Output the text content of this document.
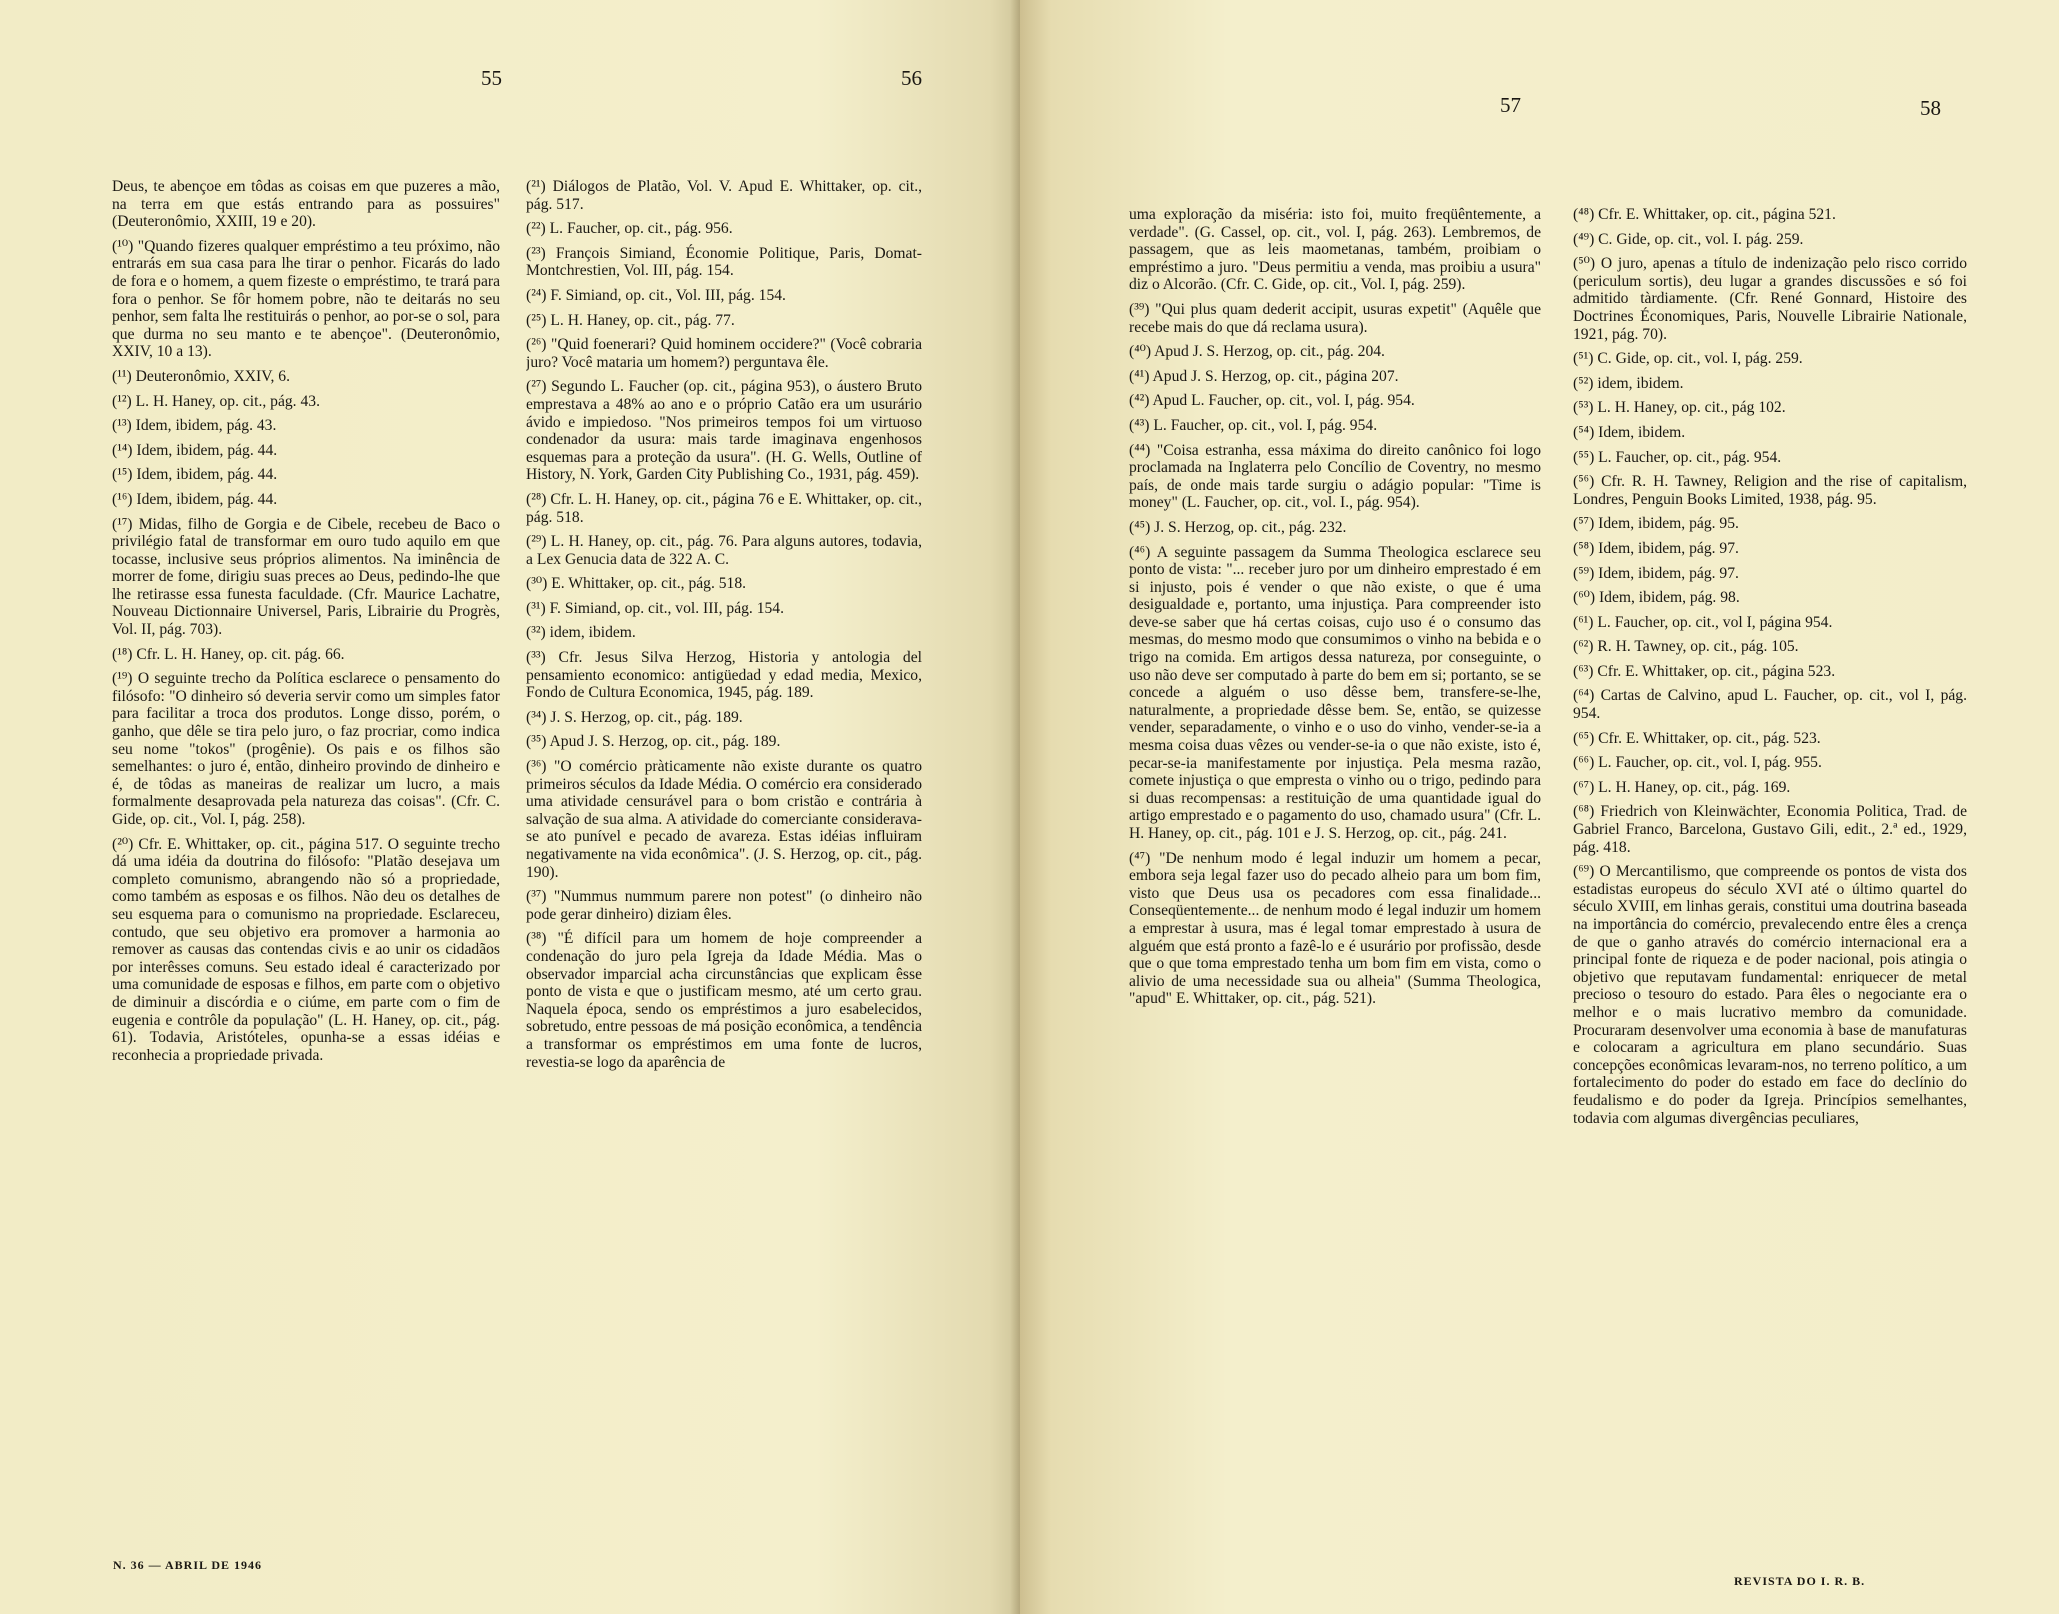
55	56

Deus, te abençoe em tôdas as coisas em que puzeres a mão, na terra em que estás entrando para as possuires" (Deuteronômio, XXIII, 19 e 20).

(¹⁰) "Quando fizeres qualquer empréstimo a teu próximo, não entrarás em sua casa para lhe tirar o penhor. Ficarás do lado de fora e o homem, a quem fizeste o empréstimo, te trará para fora o penhor. Se fôr homem pobre, não te deitarás no seu penhor, sem falta lhe restituirás o penhor, ao por-se o sol, para que durma no seu manto e te abençoe". (Deuteronômio, XXIV, 10 a 13).

(¹¹) Deuteronômio, XXIV, 6.

(¹²) L. H. Haney, op. cit., pág. 43.

(¹³) Idem, ibidem, pág. 43.

(¹⁴) Idem, ibidem, pág. 44.

(¹⁵) Idem, ibidem, pág. 44.

(¹⁶) Idem, ibidem, pág. 44.

(¹⁷) Midas, filho de Gorgia e de Cibele, recebeu de Baco o privilégio fatal de transformar em ouro tudo aquilo em que tocasse, inclusive seus próprios alimentos. Na iminência de morrer de fome, dirigiu suas preces ao Deus, pedindo-lhe que lhe retirasse essa funesta faculdade. (Cfr. Maurice Lachatre, Nouveau Dictionnaire Universel, Paris, Librairie du Progrès, Vol. II, pág. 703).

(¹⁸) Cfr. L. H. Haney, op. cit. pág. 66.

(¹⁹) O seguinte trecho da Política esclarece o pensamento do filósofo: "O dinheiro só deveria servir como um simples fator para facilitar a troca dos produtos. Longe disso, porém, o ganho, que dêle se tira pelo juro, o faz procriar, como indica seu nome "tokos" (progênie). Os pais e os filhos são semelhantes: o juro é, então, dinheiro provindo de dinheiro e é, de tôdas as maneiras de realizar um lucro, a mais formalmente desaprovada pela natureza das coisas". (Cfr. C. Gide, op. cit., Vol. I, pág. 258).

(²⁰) Cfr. E. Whittaker, op. cit., página 517. O seguinte trecho dá uma idéia da doutrina do filósofo: "Platão desejava um completo comunismo, abrangendo não só a propriedade, como também as esposas e os filhos. Não deu os detalhes de seu esquema para o comunismo na propriedade. Esclareceu, contudo, que seu objetivo era promover a harmonia ao remover as causas das contendas civis e ao unir os cidadãos por interêsses comuns. Seu estado ideal é caracterizado por uma comunidade de esposas e filhos, em parte com o objetivo de diminuir a discórdia e o ciúme, em parte com o fim de eugenia e contrôle da população" (L. H. Haney, op. cit., pág. 61). Todavia, Aristóteles, opunha-se a essas idéias e reconhecia a propriedade privada.

(²¹) Diálogos de Platão, Vol. V. Apud E. Whittaker, op. cit., pág. 517.

(²²) L. Faucher, op. cit., pág. 956.

(²³) François Simiand, Économie Politique, Paris, Domat-Montchrestien, Vol. III, pág. 154.

(²⁴) F. Simiand, op. cit., Vol. III, pág. 154.

(²⁵) L. H. Haney, op. cit., pág. 77.

(²⁶) "Quid foenerari? Quid hominem occidere?" (Você cobraria juro? Você mataria um homem?) perguntava êle.

(²⁷) Segundo L. Faucher (op. cit., página 953), o áustero Bruto emprestava a 48% ao ano e o próprio Catão era um usurário ávido e impiedoso. "Nos primeiros tempos foi um virtuoso condenador da usura: mais tarde imaginava engenhosos esquemas para a proteção da usura". (H. G. Wells, Outline of History, N. York, Garden City Publishing Co., 1931, pág. 459).

(²⁸) Cfr. L. H. Haney, op. cit., página 76 e E. Whittaker, op. cit., pág. 518.

(²⁹) L. H. Haney, op. cit., pág. 76. Para alguns autores, todavia, a Lex Genucia data de 322 A. C.

(³⁰) E. Whittaker, op. cit., pág. 518.

(³¹) F. Simiand, op. cit., vol. III, pág. 154.

(³²) idem, ibidem.

(³³) Cfr. Jesus Silva Herzog, Historia y antologia del pensamiento economico: antigüedad y edad media, Mexico, Fondo de Cultura Economica, 1945, pág. 189.

(³⁴) J. S. Herzog, op. cit., pág. 189.

(³⁵) Apud J. S. Herzog, op. cit., pág. 189.

(³⁶) "O comércio pràticamente não existe durante os quatro primeiros séculos da Idade Média. O comércio era considerado uma atividade censurável para o bom cristão e contrária à salvação de sua alma. A atividade do comerciante considerava-se ato punível e pecado de avareza. Estas idéias influiram negativamente na vida econômica". (J. S. Herzog, op. cit., pág. 190).

(³⁷) "Nummus nummum parere non potest" (o dinheiro não pode gerar dinheiro) diziam êles.

(³⁸) "É difícil para um homem de hoje compreender a condenação do juro pela Igreja da Idade Média. Mas o observador imparcial acha circunstâncias que explicam êsse ponto de vista e que o justificam mesmo, até um certo grau. Naquela época, sendo os empréstimos a juro esabelecidos, sobretudo, entre pessoas de má posição econômica, a tendência a transformar os empréstimos em uma fonte de lucros, revestia-se logo da aparência de

N. 36 — ABRIL DE 1946
57	58

uma exploração da miséria: isto foi, muito freqüêntemente, a verdade". (G. Cassel, op. cit., vol. I, pág. 263). Lembremos, de passagem, que as leis maometanas, também, proibiam o empréstimo a juro. "Deus permitiu a venda, mas proibiu a usura" diz o Alcorão. (Cfr. C. Gide, op. cit., Vol. I, pág. 259).

(³⁹) "Qui plus quam dederit accipit, usuras expetit" (Aquêle que recebe mais do que dá reclama usura).

(⁴⁰) Apud J. S. Herzog, op. cit., pág. 204.

(⁴¹) Apud J. S. Herzog, op. cit., página 207.

(⁴²) Apud L. Faucher, op. cit., vol. I, pág. 954.

(⁴³) L. Faucher, op. cit., vol. I, pág. 954.

(⁴⁴) "Coisa estranha, essa máxima do direito canônico foi logo proclamada na Inglaterra pelo Concílio de Coventry, no mesmo país, de onde mais tarde surgiu o adágio popular: "Time is money" (L. Faucher, op. cit., vol. I., pág. 954).

(⁴⁵) J. S. Herzog, op. cit., pág. 232.

(⁴⁶) A seguinte passagem da Summa Theologica esclarece seu ponto de vista: "... receber juro por um dinheiro emprestado é em si injusto, pois é vender o que não existe, o que é uma desigualdade e, portanto, uma injustiça. Para compreender isto deve-se saber que há certas coisas, cujo uso é o consumo das mesmas, do mesmo modo que consumimos o vinho na bebida e o trigo na comida. Em artigos dessa natureza, por conseguinte, o uso não deve ser computado à parte do bem em si; portanto, se se concede a alguém o uso dêsse bem, transfere-se-lhe, naturalmente, a propriedade dêsse bem. Se, então, se quizesse vender, separadamente, o vinho e o uso do vinho, vender-se-ia a mesma coisa duas vêzes ou vender-se-ia o que não existe, isto é, pecar-se-ia manifestamente por injustiça. Pela mesma razão, comete injustiça o que empresta o vinho ou o trigo, pedindo para si duas recompensas: a restituição de uma quantidade igual do artigo emprestado e o pagamento do uso, chamado usura" (Cfr. L. H. Haney, op. cit., pág. 101 e J. S. Herzog, op. cit., pág. 241.

(⁴⁷) "De nenhum modo é legal induzir um homem a pecar, embora seja legal fazer uso do pecado alheio para um bom fim, visto que Deus usa os pecadores com essa finalidade... Conseqüentemente... de nenhum modo é legal induzir um homem a emprestar à usura, mas é legal tomar emprestado à usura de alguém que está pronto a fazê-lo e é usurário por profissão, desde que o que toma emprestado tenha um bom fim em vista, como o alivio de uma necessidade sua ou alheia" (Summa Theologica, "apud" E. Whittaker, op. cit., pág. 521).

(⁴⁸) Cfr. E. Whittaker, op. cit., página 521.

(⁴⁹) C. Gide, op. cit., vol. I. pág. 259.

(⁵⁰) O juro, apenas a título de indenização pelo risco corrido (periculum sortis), deu lugar a grandes discussões e só foi admitido tàrdiamente. (Cfr. René Gonnard, Histoire des Doctrines Économiques, Paris, Nouvelle Librairie Nationale, 1921, pág. 70).

(⁵¹) C. Gide, op. cit., vol. I, pág. 259.

(⁵²) idem, ibidem.

(⁵³) L. H. Haney, op. cit., pág 102.

(⁵⁴) Idem, ibidem.

(⁵⁵) L. Faucher, op. cit., pág. 954.

(⁵⁶) Cfr. R. H. Tawney, Religion and the rise of capitalism, Londres, Penguin Books Limited, 1938, pág. 95.

(⁵⁷) Idem, ibidem, pág. 95.

(⁵⁸) Idem, ibidem, pág. 97.

(⁵⁹) Idem, ibidem, pág. 97.

(⁶⁰) Idem, ibidem, pág. 98.

(⁶¹) L. Faucher, op. cit., vol I, página 954.

(⁶²) R. H. Tawney, op. cit., pág. 105.

(⁶³) Cfr. E. Whittaker, op. cit., página 523.

(⁶⁴) Cartas de Calvino, apud L. Faucher, op. cit., vol I, pág. 954.

(⁶⁵) Cfr. E. Whittaker, op. cit., pág. 523.

(⁶⁶) L. Faucher, op. cit., vol. I, pág. 955.

(⁶⁷) L. H. Haney, op. cit., pág. 169.

(⁶⁸) Friedrich von Kleinwächter, Economia Politica, Trad. de Gabriel Franco, Barcelona, Gustavo Gili, edit., 2.ª ed., 1929, pág. 418.

(⁶⁹) O Mercantilismo, que compreende os pontos de vista dos estadistas europeus do século XVI até o último quartel do século XVIII, em linhas gerais, constitui uma doutrina baseada na importância do comércio, prevalecendo entre êles a crença de que o ganho através do comércio internacional era a principal fonte de riqueza e de poder nacional, pois atingia o objetivo que reputavam fundamental: enriquecer de metal precioso o tesouro do estado. Para êles o negociante era o melhor e o mais lucrativo membro da comunidade. Procuraram desenvolver uma economia à base de manufaturas e colocaram a agricultura em plano secundário. Suas concepções econômicas levaram-nos, no terreno político, a um fortalecimento do poder do estado em face do declínio do feudalismo e do poder da Igreja. Princípios semelhantes, todavia com algumas divergências peculiares,

REVISTA DO I. R. B.
